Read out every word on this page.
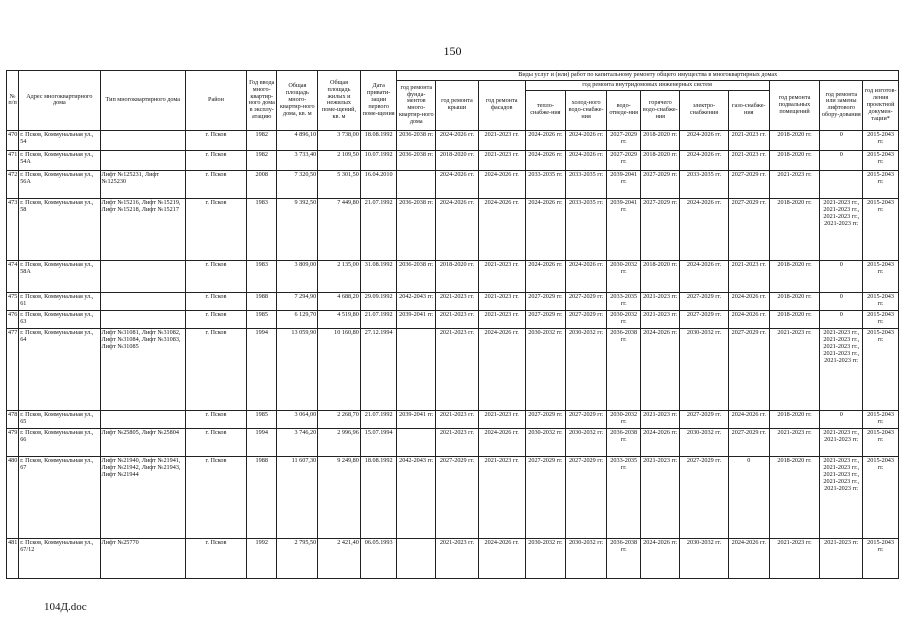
150
№ п/п	Адрес многоквартирного дома	Тип многоквартирного дома	Район	Год ввода много-квартир-ного дома в эксплу-атацию	Общая площадь много-квартир-ного дома, кв. м	Общая площадь жилых и нежилых поме-щений, кв. м	Дата привати-зации первого поме-щения	Виды услуг и (или) работ по капитальному ремонту общего имущества в многоквартирных домах											
								год ремонта фунда-ментов много-квартир-ного дома	год ремонта крыши	год ремонта фасадов	год ремонта внутридомовых инженерных систем						год ремонта подвальных помещений	год ремонта или замены лифтового обору-дования	год изготов-ления проектной докумен-тации*
											тепло-снабже-ния	холод-ного водо-снабже-ния	водо-отведе-ния	горячего водо-снабже-ния	электро-снабжения	газо-снабже-ния			
470	г. Псков, Коммунальная ул., 54		г. Псков	1982	4 896,10	3 738,00	18.08.1992	2036-2038 гг.	2024-2026 гг.	2021-2023 гг.	2024-2026 гг.	2024-2026 гг.	2027-2029 гг.	2018-2020 гг.	2024-2026 гг.	2021-2023 гг.	2018-2020 гг.	0	2015-2043 гг.
471	г. Псков, Коммунальная ул., 54А		г. Псков	1982	3 733,40	2 109,50	10.07.1992	2036-2038 гг.	2018-2020 гг.	2021-2023 гг.	2024-2026 гг.	2024-2026 гг.	2027-2029 гг.	2018-2020 гг.	2024-2026 гг.	2021-2023 гг.	2018-2020 гг.	0	2015-2043 гг.
472	г. Псков, Коммунальная ул., 56А	Лифт №125231, Лифт №125230	г. Псков	2008	7 320,50	5 301,50	16.04.2010		2024-2026 гг.	2024-2026 гг.	2033-2035 гг.	2033-2035 гг.	2039-2041 гг.	2027-2029 гг.	2033-2035 гг.	2027-2029 гг.	2021-2023 гг.		2015-2043 гг.
473	г. Псков, Коммунальная ул., 58	Лифт №15216, Лифт №15219, Лифт №15218, Лифт №15217	г. Псков	1983	9 392,50	7 449,80	21.07.1992	2036-2038 гг.	2024-2026 гг.	2024-2026 гг.	2024-2026 гг.	2033-2035 гг.	2039-2041 гг.	2027-2029 гг.	2024-2026 гг.	2027-2029 гг.	2018-2020 гг.	2021-2023 гг., 2021-2023 гг., 2021-2023 гг., 2021-2023 гг.	2015-2043 гг.
474	г. Псков, Коммунальная ул., 58А		г. Псков	1983	3 809,00	2 135,00	31.08.1992	2036-2038 гг.	2018-2020 гг.	2021-2023 гг.	2024-2026 гг.	2024-2026 гг.	2030-2032 гг.	2018-2020 гг.	2024-2026 гг.	2021-2023 гг.	2018-2020 гг.	0	2015-2043 гг.
475	г. Псков, Коммунальная ул., 61		г. Псков	1988	7 294,90	4 688,20	29.09.1992	2042-2043 гг.	2021-2023 гг.	2021-2023 гг.	2027-2029 гг.	2027-2029 гг.	2033-2035 гг.	2021-2023 гг.	2027-2029 гг.	2024-2026 гг.	2018-2020 гг.	0	2015-2043 гг.
476	г. Псков, Коммунальная ул., 63		г. Псков	1985	6 129,70	4 519,80	21.07.1992	2039-2041 гг.	2021-2023 гг.	2021-2023 гг.	2027-2029 гг.	2027-2029 гг.	2030-2032 гг.	2021-2023 гг.	2027-2029 гг.	2024-2026 гг.	2018-2020 гг.	0	2015-2043 гг.
477	г. Псков, Коммунальная ул., 64	Лифт №31081, Лифт №31082, Лифт №31084, Лифт №31083, Лифт №31085	г. Псков	1994	13 059,90	10 160,80	27.12.1994		2021-2023 гг.	2024-2026 гг.	2030-2032 гг.	2030-2032 гг.	2036-2038 гг.	2024-2026 гг.	2030-2032 гг.	2027-2029 гг.	2021-2023 гг.	2021-2023 гг., 2021-2023 гг., 2021-2023 гг., 2021-2023 гг., 2021-2023 гг.	2015-2043 гг.
478	г. Псков, Коммунальная ул., 65		г. Псков	1985	3 064,00	2 268,70	21.07.1992	2039-2041 гг.	2021-2023 гг.	2021-2023 гг.	2027-2029 гг.	2027-2029 гг.	2030-2032 гг.	2021-2023 гг.	2027-2029 гг.	2024-2026 гг.	2018-2020 гг.	0	2015-2043 гг.
479	г. Псков, Коммунальная ул., 66	Лифт №25805, Лифт №25804	г. Псков	1994	3 746,20	2 996,96	15.07.1994		2021-2023 гг.	2024-2026 гг.	2030-2032 гг.	2030-2032 гг.	2036-2038 гг.	2024-2026 гг.	2030-2032 гг.	2027-2029 гг.	2021-2023 гг.	2021-2023 гг., 2021-2023 гг.	2015-2043 гг.
480	г. Псков, Коммунальная ул., 67	Лифт №21940, Лифт №21941, Лифт №21942, Лифт №21943, Лифт №21944	г. Псков	1988	11 607,30	9 249,80	18.08.1992	2042-2043 гг.	2027-2029 гг.	2021-2023 гг.	2027-2029 гг.	2027-2029 гг.	2033-2035 гг.	2021-2023 гг.	2027-2029 гг.	0	2018-2020 гг.	2021-2023 гг., 2021-2023 гг., 2021-2023 гг., 2021-2023 гг., 2021-2023 гг.	2015-2043 гг.
481	г. Псков, Коммунальная ул., 67/12	Лифт №25770	г. Псков	1992	2 795,50	2 421,40	06.05.1993		2021-2023 гг.	2024-2026 гг.	2030-2032 гг.	2030-2032 гг.	2036-2038 гг.	2024-2026 гг.	2030-2032 гг.	2024-2026 гг.	2021-2023 гг.	2021-2023 гг.	2015-2043 гг.
104Д.doc
